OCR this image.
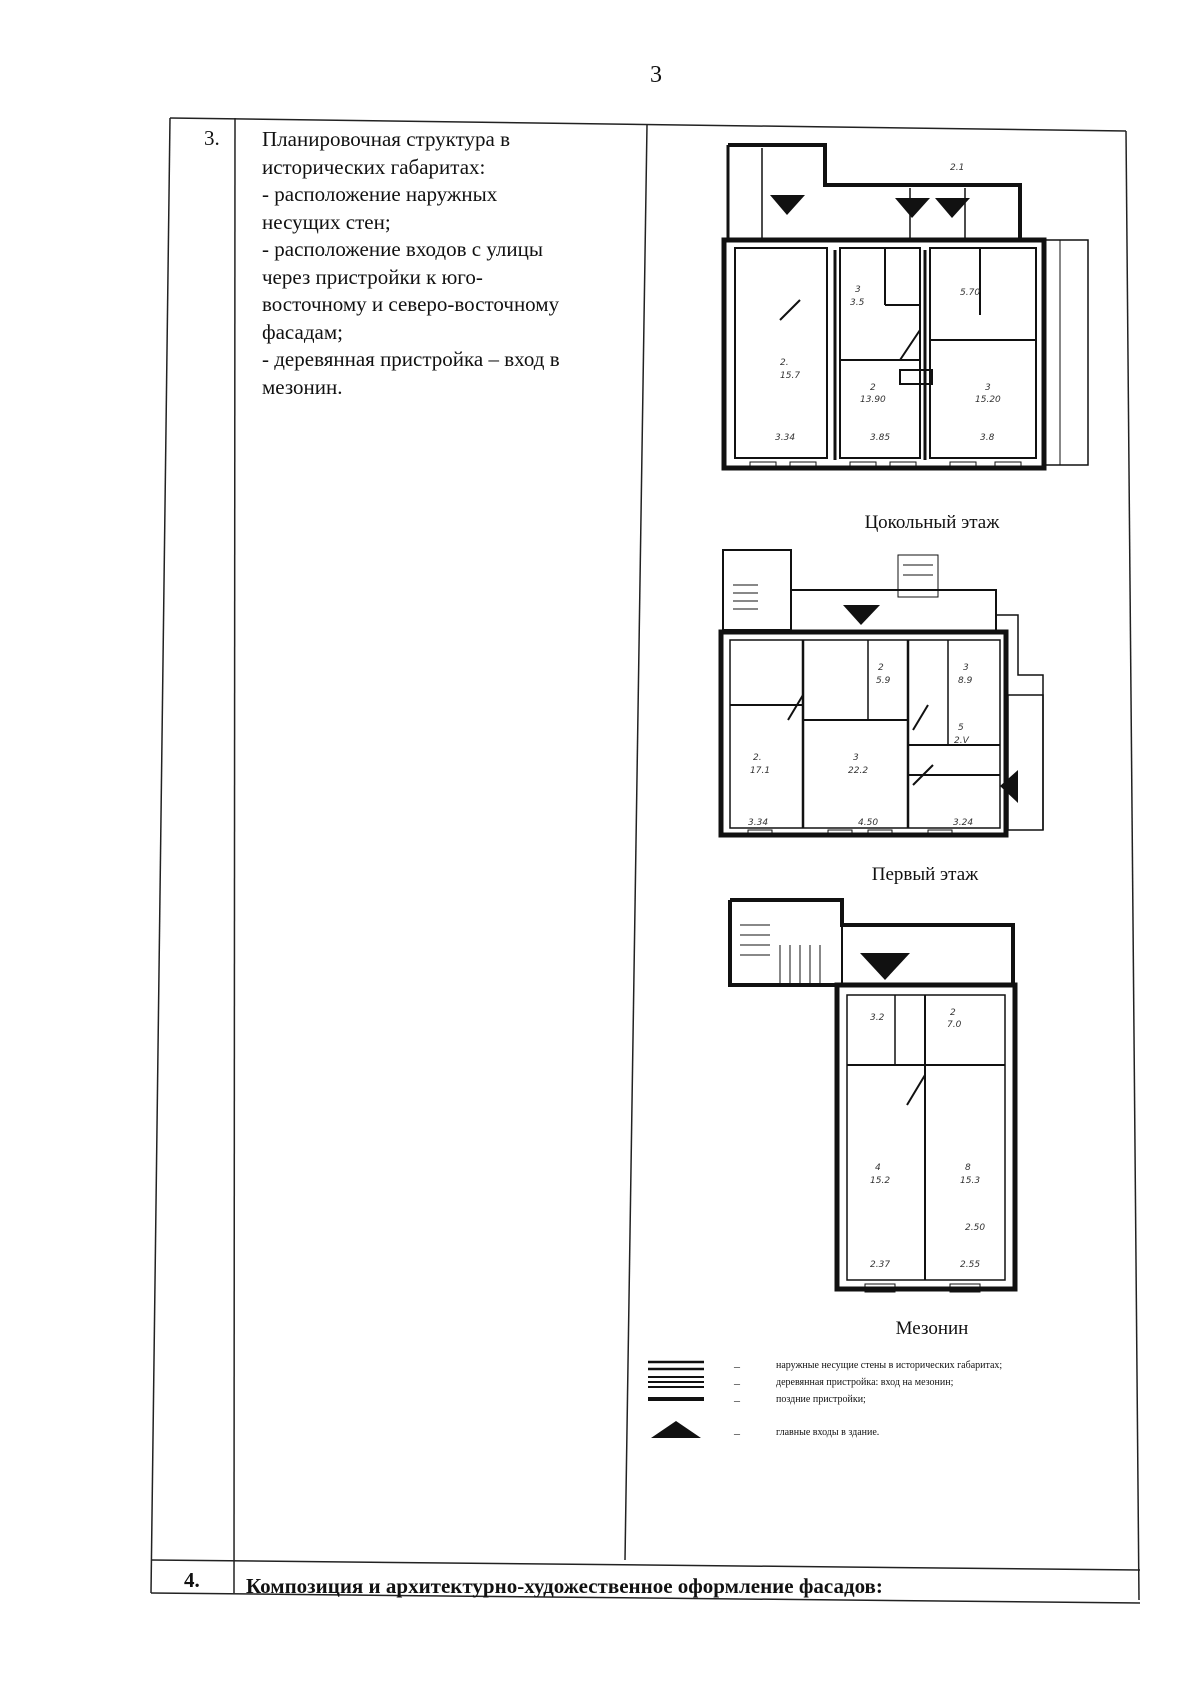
3
3. Планировочная структура в
исторических габаритах:
- расположение наружных
несущих стен;
- расположение входов с улицы
через пристройки к юго-
восточному и северо-восточному
фасадам;
- деревянная пристройка – вход в
мезонин.
2.
15.7
2
13.90
3
15.20
3
3.5
5.70
3.34	3.85	3.8
2.1
Цокольный этаж
2.
17.1
3
22.2
2
5.9
3
8.9
5
2.V
3.34	4.50	3.24
Первый этаж
3.2	2
7.0
4
15.2
8
15.3
2.37	2.55
2.50
Мезонин
–	наружные несущие стены в исторических габаритах;
–	деревянная пристройка: вход на мезонин;
–	поздние пристройки;
–	главные входы в здание.
4. Композиция и архитектурно-художественное оформление фасадов:
